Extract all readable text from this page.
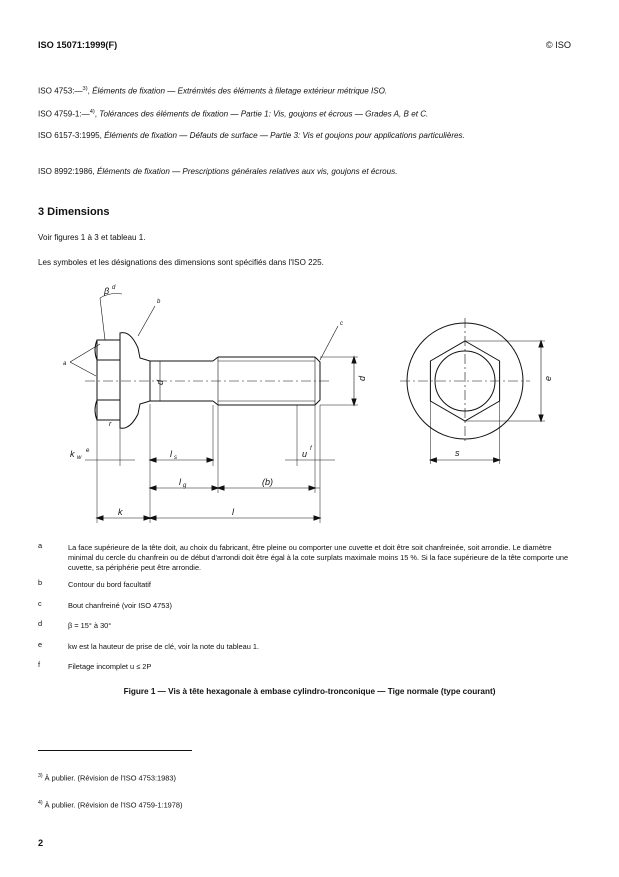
ISO 15071:1999(F)	© ISO
ISO 4753:—$^{3)}$, Éléments de fixation — Extrémités des éléments à filetage extérieur métrique ISO.
ISO 4759-1:—$^{4)}$, Tolérances des éléments de fixation — Partie 1: Vis, goujons et écrous — Grades A, B et C.
ISO 6157-3:1995, Éléments de fixation — Défauts de surface — Partie 3: Vis et goujons pour applications particulières.
ISO 8992:1986, Éléments de fixation — Prescriptions générales relatives aux vis, goujons et écrous.
3 Dimensions
Voir figures 1 à 3 et tableau 1.
Les symboles et les désignations des dimensions sont spécifiés dans l'ISO 225.
β d
a
b
c
d
d	e
k w
e
r
l s	u f
l g	(b)
k	l
s
a	La face supérieure de la tête doit, au choix du fabricant, être pleine ou comporter une cuvette et doit être soit chanfreinée, soit arrondie. Le diamètre minimal du cercle du chanfrein ou de début d'arrondi doit être égal à la cote surplats maximale moins 15 %. Si la face supérieure de la tête comporte une cuvette, sa périphérie peut être arrondie.
b	Contour du bord facultatif
c	Bout chanfreiné (voir ISO 4753)
d	β = 15° à 30°
e	kw est la hauteur de prise de clé, voir la note du tableau 1.
f	Filetage incomplet u ≤ 2P
Figure 1 — Vis à tête hexagonale à embase cylindro-tronconique — Tige normale (type courant)
$^{3)}$ À publier. (Révision de l'ISO 4753:1983)
$^{4)}$ À publier. (Révision de l'ISO 4759-1:1978)
2
